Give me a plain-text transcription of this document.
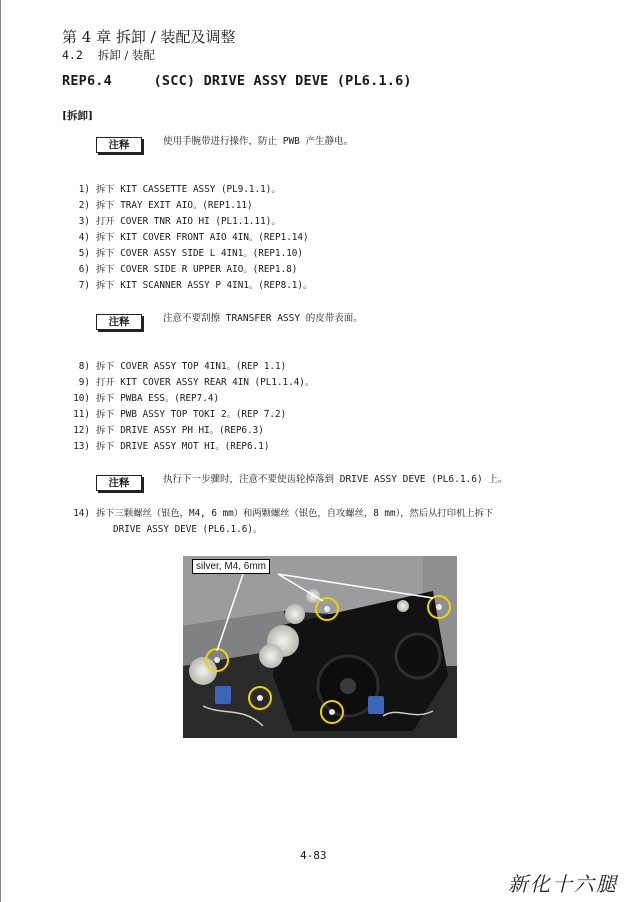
第 4 章 拆卸 / 装配及调整
4.2 拆卸 / 装配
REP6.4     (SCC) DRIVE ASSY DEVE (PL6.1.6)
[拆卸]
注释	使用手腕带进行操作，防止 PWB 产生静电。
1) 拆下 KIT CASSETTE ASSY (PL9.1.1)。
2) 拆下 TRAY EXIT AIO。(REP1.11)
3) 打开 COVER TNR AIO HI (PL1.1.11)。
4) 拆下 KIT COVER FRONT AIO 4IN。(REP1.14)
5) 拆下 COVER ASSY SIDE L 4IN1。(REP1.10)
6) 拆下 COVER SIDE R UPPER AIO。(REP1.8)
7) 拆下 KIT SCANNER ASSY P 4IN1。(REP8.1)。
注释	注意不要刮擦 TRANSFER ASSY 的皮带表面。
8) 拆下 COVER ASSY TOP 4IN1。(REP 1.1)
9) 打开 KIT COVER ASSY REAR 4IN (PL1.1.4)。
10) 拆下 PWBA ESS。(REP7.4)
11) 拆下 PWB ASSY TOP TOKI 2。(REP 7.2)
12) 拆下 DRIVE ASSY PH HI。(REP6.3)
13) 拆下 DRIVE ASSY MOT HI。(REP6.1)
注释	执行下一步骤时，注意不要使齿轮掉落到 DRIVE ASSY DEVE (PL6.1.6) 上。
14) 拆下三颗螺丝（银色，M4, 6 mm）和两颗螺丝（银色，自攻螺丝，8 mm），然后从打印机上拆下
DRIVE ASSY DEVE (PL6.1.6)。
silver, M4, 6mm
4-83
新化十六腿
